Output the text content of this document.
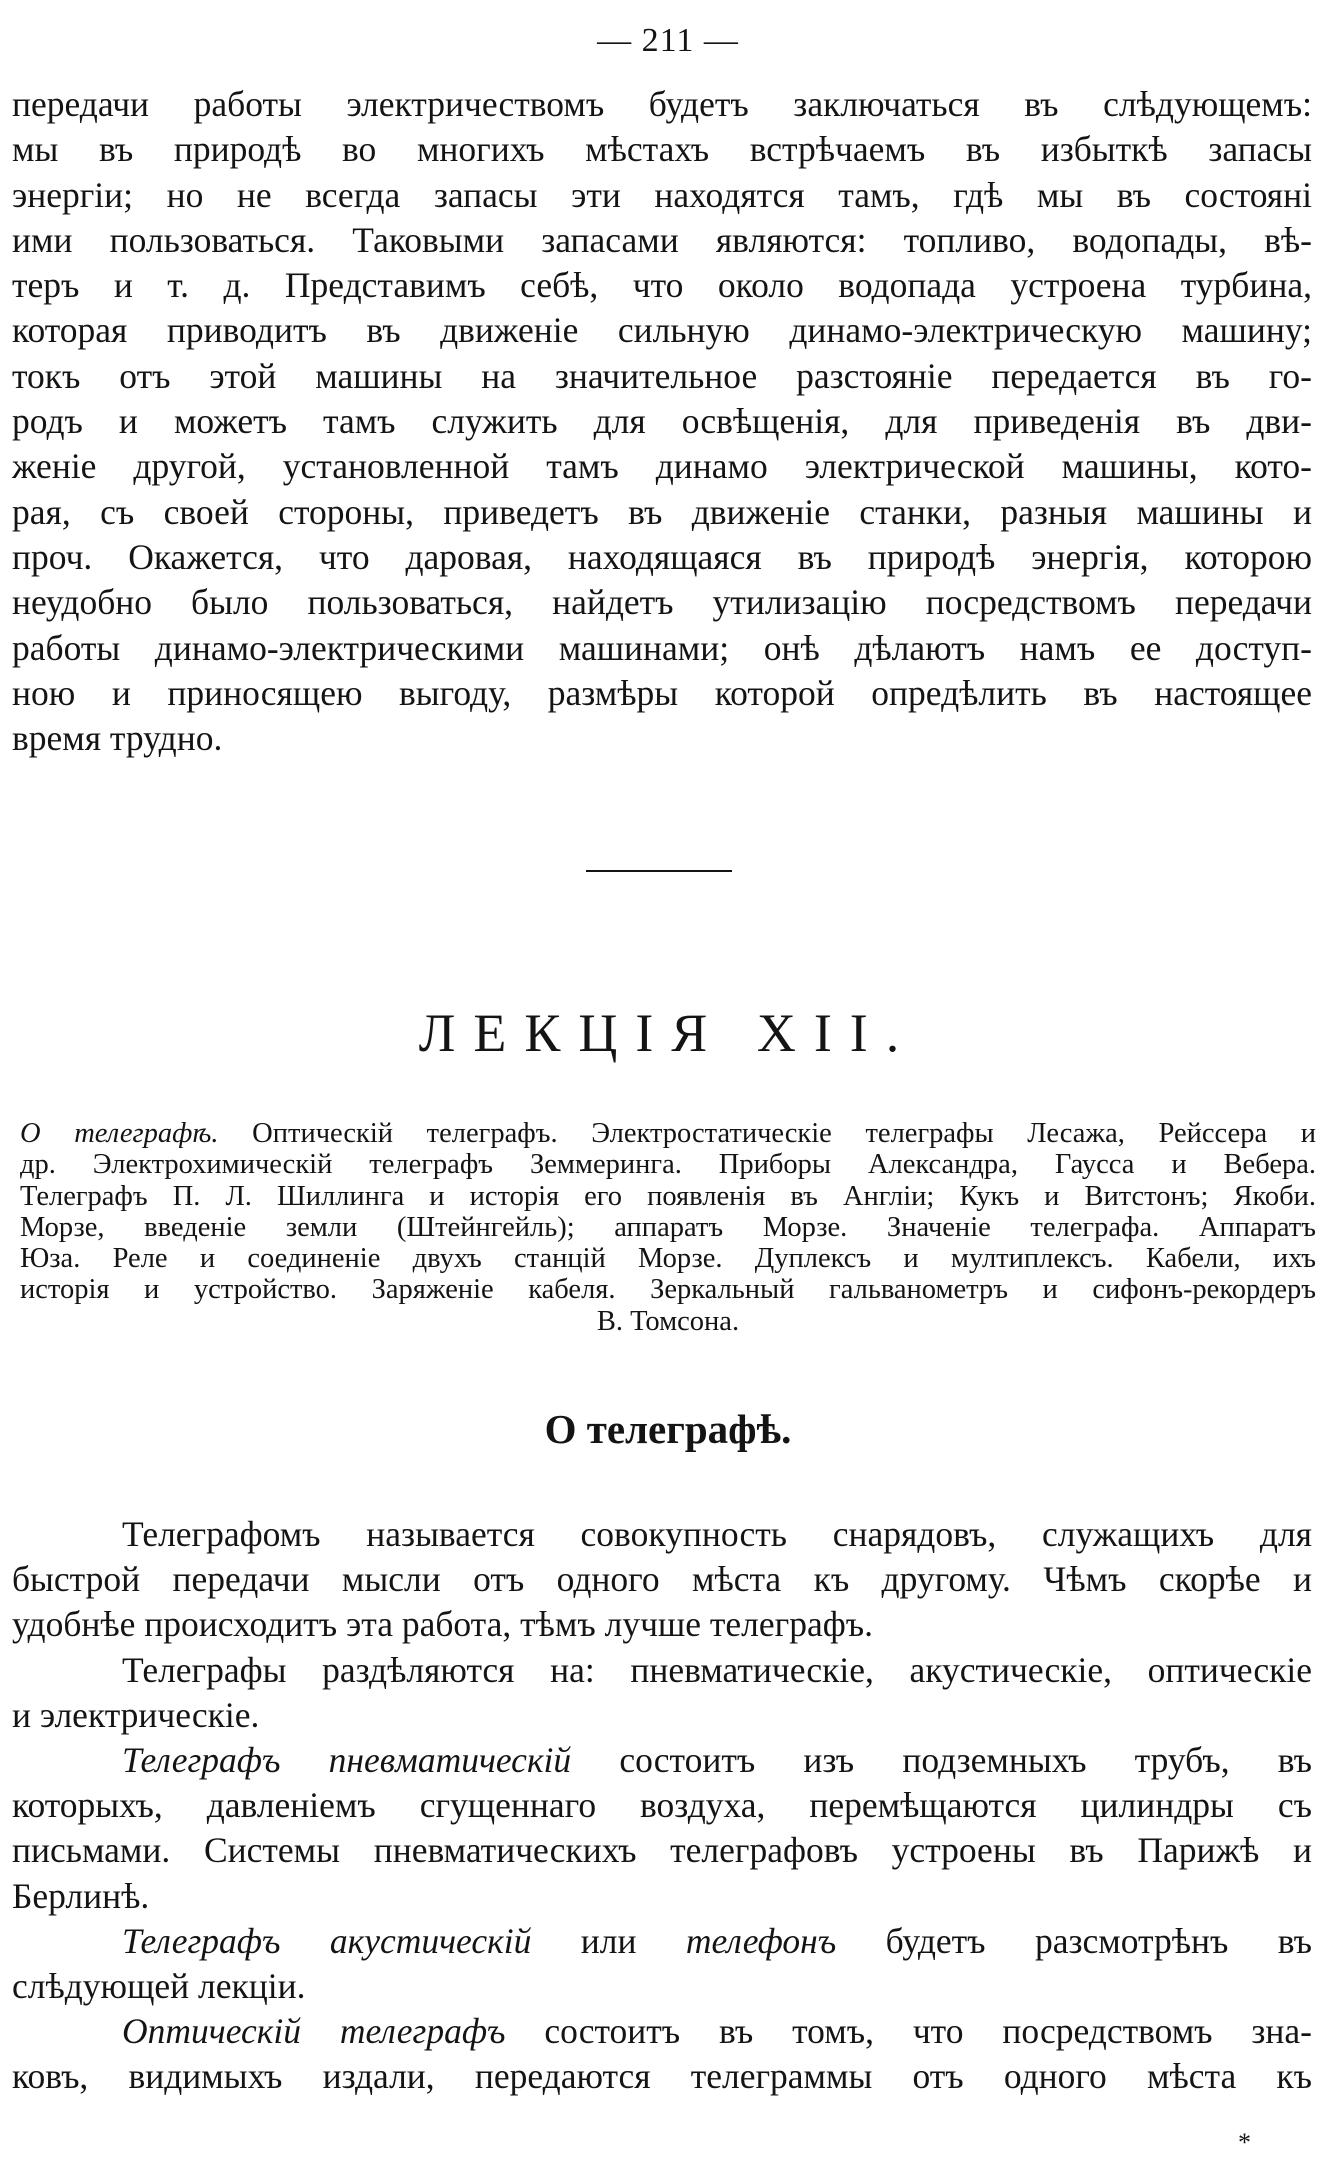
— 211 —
передачи работы электричествомъ будетъ заключаться въ слѣдующемъ:
мы въ природѣ во многихъ мѣстахъ встрѣчаемъ въ избыткѣ запасы
энергіи; но не всегда запасы эти находятся тамъ, гдѣ мы въ состояні
ими пользоваться. Таковыми запасами являются: топливо, водопады, вѣ-
теръ и т. д. Представимъ себѣ, что около водопада устроена турбина,
которая приводитъ въ движеніе сильную динамо-электрическую машину;
токъ отъ этой машины на значительное разстояніе передается въ го-
родъ и можетъ тамъ служить для освѣщенія, для приведенія въ дви-
женіе другой, установленной тамъ динамо электрической машины, кото-
рая, съ своей стороны, приведетъ въ движеніе станки, разныя машины и
проч. Окажется, что даровая, находящаяся въ природѣ энергія, которою
неудобно было пользоваться, найдетъ утилизацію посредствомъ передачи
работы динамо-электрическими машинами; онѣ дѣлаютъ намъ ее доступ-
ною и приносящею выгоду, размѣры которой опредѣлить въ настоящее
время трудно.
ЛЕКЦІЯ XII.
О телеграфѣ. Оптическій телеграфъ. Электростатическіе телеграфы Лесажа, Рейссера и
др. Электрохимическій телеграфъ Земмеринга. Приборы Александра, Гаусса и Вебера.
Телеграфъ П. Л. Шиллинга и исторія его появленія въ Англіи; Кукъ и Витстонъ; Якоби.
Морзе, введеніе земли (Штейнгейль); аппаратъ Морзе. Значеніе телеграфа. Аппаратъ
Юза. Реле и соединеніе двухъ станцій Морзе. Дуплексъ и мултиплексъ. Кабели, ихъ
исторія и устройство. Заряженіе кабеля. Зеркальный гальванометръ и сифонъ-рекордеръ
В. Томсона.
О телеграфѣ.
Телеграфомъ называется совокупность снарядовъ, служащихъ для
быстрой передачи мысли отъ одного мѣста къ другому. Чѣмъ скорѣе и
удобнѣе происходитъ эта работа, тѣмъ лучше телеграфъ.
Телеграфы раздѣляются на: пневматическіе, акустическіе, оптическіе
и электрическіе.
Телеграфъ пневматическій состоитъ изъ подземныхъ трубъ, въ
которыхъ, давленіемъ сгущеннаго воздуха, перемѣщаются цилиндры съ
письмами. Системы пневматическихъ телеграфовъ устроены въ Парижѣ и
Берлинѣ.
Телеграфъ акустическій или телефонъ будетъ разсмотрѣнъ въ
слѣдующей лекціи.
Оптическій телеграфъ состоитъ въ томъ, что посредствомъ зна-
ковъ, видимыхъ издали, передаются телеграммы отъ одного мѣста къ
*
